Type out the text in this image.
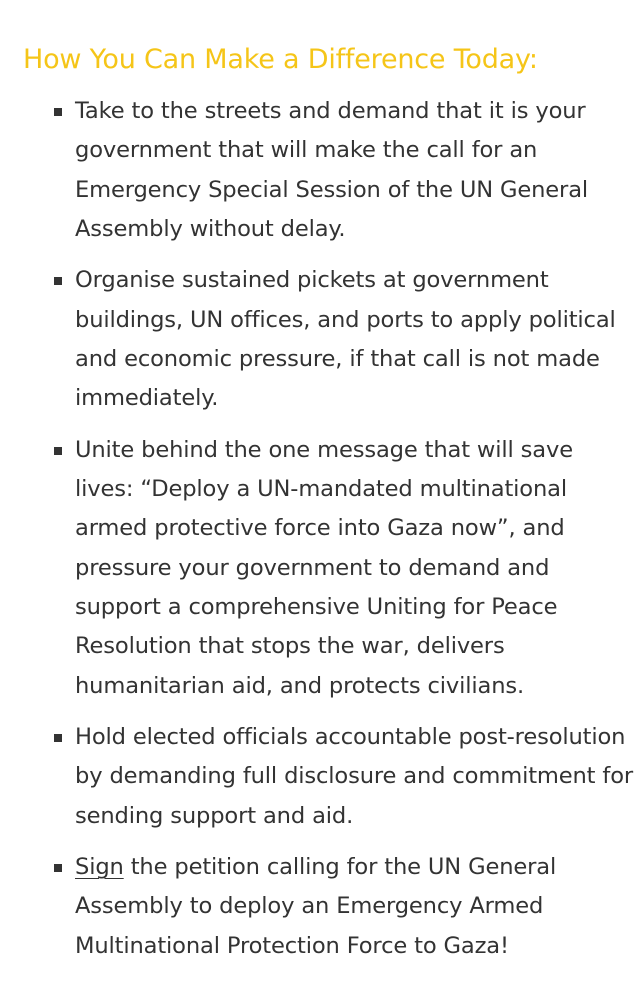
How You Can Make a Difference Today:
Take to the streets and demand that it is your government that will make the call for an Emergency Special Session of the UN General Assembly without delay.
Organise sustained pickets at government buildings, UN offices, and ports to apply political and economic pressure, if that call is not made immediately.
Unite behind the one message that will save lives: “Deploy a UN-mandated multinational armed protective force into Gaza now”, and pressure your government to demand and support a comprehensive Uniting for Peace Resolution that stops the war, delivers humanitarian aid, and protects civilians.
Hold elected officials accountable post-resolution by demanding full disclosure and commitment for sending support and aid.
Sign the petition calling for the UN General Assembly to deploy an Emergency Armed Multinational Protection Force to Gaza!
